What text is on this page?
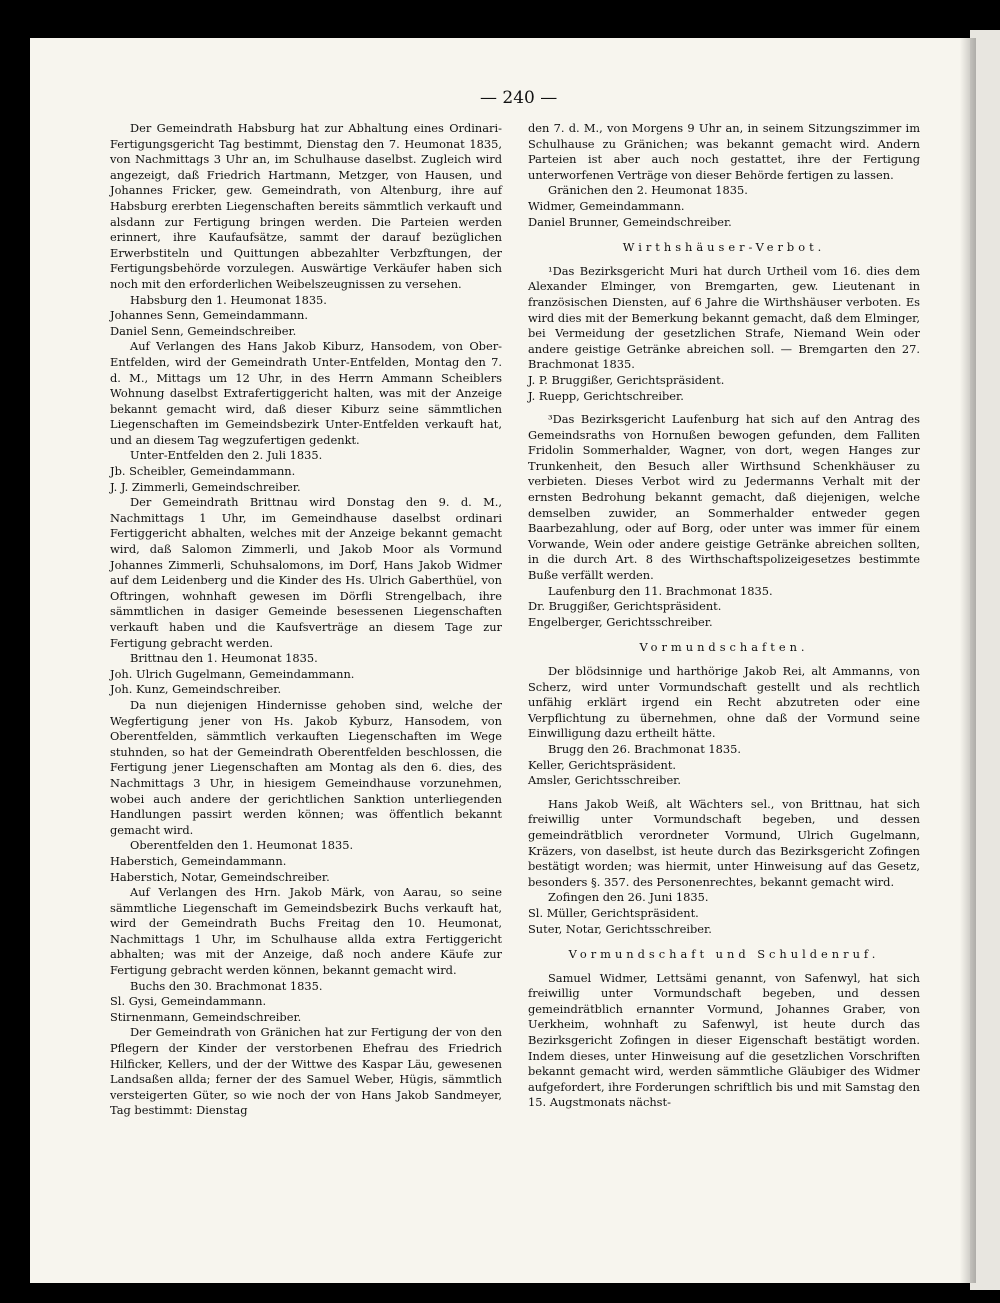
— 240 —

Der Gemeindrath Habsburg hat zur Abhaltung eines Ordinari-Fertigungsgericht Tag bestimmt, Dienstag den 7. Heumonat 1835, von Nachmittags 3 Uhr an, im Schulhause daselbst. Zugleich wird angezeigt, daß Friedrich Hartmann, Metzger, von Hausen, und Johannes Fricker, gew. Gemeindrath, von Altenburg, ihre auf Habsburg ererbten Liegenschaften bereits sämmtlich verkauft und alsdann zur Fertigung bringen werden. Die Parteien werden erinnert, ihre Kaufaufsätze, sammt der darauf bezüglichen Erwerbstiteln und Quittungen abbezahlter Verbzftungen, der Fertigungsbehörde vorzulegen. Auswärtige Verkäufer haben sich noch mit den erforderlichen Weibelszeugnissen zu versehen.

Habsburg den 1. Heumonat 1835.

Johannes Senn, Gemeindammann.

Daniel Senn, Gemeindschreiber.

Auf Verlangen des Hans Jakob Kiburz, Hansodem, von Ober-Entfelden, wird der Gemeindrath Unter-Entfelden, Montag den 7. d. M., Mittags um 12 Uhr, in des Herrn Ammann Scheiblers Wohnung daselbst Extrafertiggericht halten, was mit der Anzeige bekannt gemacht wird, daß dieser Kiburz seine sämmtlichen Liegenschaften im Gemeindsbezirk Unter-Entfelden verkauft hat, und an diesem Tag wegzufertigen gedenkt.

Unter-Entfelden den 2. Juli 1835.

Jb. Scheibler, Gemeindammann.

J. J. Zimmerli, Gemeindschreiber.

Der Gemeindrath Brittnau wird Donstag den 9. d. M., Nachmittags 1 Uhr, im Gemeindhause daselbst ordinari Fertiggericht abhalten, welches mit der Anzeige bekannt gemacht wird, daß Salomon Zimmerli, und Jakob Moor als Vormund Johannes Zimmerli, Schuhsalomons, im Dorf, Hans Jakob Widmer auf dem Leidenberg und die Kinder des Hs. Ulrich Gaberthüel, von Oftringen, wohnhaft gewesen im Dörfli Strengelbach, ihre sämmtlichen in dasiger Gemeinde besessenen Liegenschaften verkauft haben und die Kaufsverträge an diesem Tage zur Fertigung gebracht werden.

Brittnau den 1. Heumonat 1835.

Joh. Ulrich Gugelmann, Gemeindammann.

Joh. Kunz, Gemeindschreiber.

Da nun diejenigen Hindernisse gehoben sind, welche der Wegfertigung jener von Hs. Jakob Kyburz, Hansodem, von Oberentfelden, sämmtlich verkauften Liegenschaften im Wege stuhnden, so hat der Gemeindrath Oberentfelden beschlossen, die Fertigung jener Liegenschaften am Montag als den 6. dies, des Nachmittags 3 Uhr, in hiesigem Gemeindhause vorzunehmen, wobei auch andere der gerichtlichen Sanktion unterliegenden Handlungen passirt werden können; was öffentlich bekannt gemacht wird.

Oberentfelden den 1. Heumonat 1835.

Haberstich, Gemeindammann.

Haberstich, Notar, Gemeindschreiber.

Auf Verlangen des Hrn. Jakob Märk, von Aarau, so seine sämmtliche Liegenschaft im Gemeindsbezirk Buchs verkauft hat, wird der Gemeindrath Buchs Freitag den 10. Heumonat, Nachmittags 1 Uhr, im Schulhause allda extra Fertiggericht abhalten; was mit der Anzeige, daß noch andere Käufe zur Fertigung gebracht werden können, bekannt gemacht wird.

Buchs den 30. Brachmonat 1835.

Sl. Gysi, Gemeindammann.

Stirnenmann, Gemeindschreiber.

Der Gemeindrath von Gränichen hat zur Fertigung der von den Pflegern der Kinder der verstorbenen Ehefrau des Friedrich Hilficker, Kellers, und der der Wittwe des Kaspar Läu, gewesenen Landsaßen allda; ferner der des Samuel Weber, Hügis, sämmtlich versteigerten Güter, so wie noch der von Hans Jakob Sandmeyer, Tag bestimmt: Dienstag

den 7. d. M., von Morgens 9 Uhr an, in seinem Sitzungszimmer im Schulhause zu Gränichen; was bekannt gemacht wird. Andern Parteien ist aber auch noch gestattet, ihre der Fertigung unterworfenen Verträge von dieser Behörde fertigen zu lassen.

Gränichen den 2. Heumonat 1835.

Widmer, Gemeindammann.

Daniel Brunner, Gemeindschreiber.

Wirthshäuser-Verbot.

¹Das Bezirksgericht Muri hat durch Urtheil vom 16. dies dem Alexander Elminger, von Bremgarten, gew. Lieutenant in französischen Diensten, auf 6 Jahre die Wirthshäuser verboten. Es wird dies mit der Bemerkung bekannt gemacht, daß dem Elminger, bei Vermeidung der gesetzlichen Strafe, Niemand Wein oder andere geistige Getränke abreichen soll. — Bremgarten den 27. Brachmonat 1835.

J. P. Bruggißer, Gerichtspräsident.

J. Ruepp, Gerichtschreiber.

³Das Bezirksgericht Laufenburg hat sich auf den Antrag des Gemeindsraths von Hornußen bewogen gefunden, dem Falliten Fridolin Sommerhalder, Wagner, von dort, wegen Hanges zur Trunkenheit, den Besuch aller Wirthsund Schenkhäuser zu verbieten. Dieses Verbot wird zu Jedermanns Verhalt mit der ernsten Bedrohung bekannt gemacht, daß diejenigen, welche demselben zuwider, an Sommerhalder entweder gegen Baarbezahlung, oder auf Borg, oder unter was immer für einem Vorwande, Wein oder andere geistige Getränke abreichen sollten, in die durch Art. 8 des Wirthschaftspolizeigesetzes bestimmte Buße verfällt werden.

Laufenburg den 11. Brachmonat 1835.

Dr. Bruggißer, Gerichtspräsident.

Engelberger, Gerichtsschreiber.

Vormundschaften.

Der blödsinnige und harthörige Jakob Rei, alt Ammanns, von Scherz, wird unter Vormundschaft gestellt und als rechtlich unfähig erklärt irgend ein Recht abzutreten oder eine Verpflichtung zu übernehmen, ohne daß der Vormund seine Einwilligung dazu ertheilt hätte.

Brugg den 26. Brachmonat 1835.

Keller, Gerichtspräsident.

Amsler, Gerichtsschreiber.

Hans Jakob Weiß, alt Wächters sel., von Brittnau, hat sich freiwillig unter Vormundschaft begeben, und dessen gemeindrätblich verordneter Vormund, Ulrich Gugelmann, Kräzers, von daselbst, ist heute durch das Bezirksgericht Zofingen bestätigt worden; was hiermit, unter Hinweisung auf das Gesetz, besonders §. 357. des Personenrechtes, bekannt gemacht wird.

Zofingen den 26. Juni 1835.

Sl. Müller, Gerichtspräsident.

Suter, Notar, Gerichtsschreiber.

Vormundschaft und Schuldenruf.

Samuel Widmer, Lettsämi genannt, von Safenwyl, hat sich freiwillig unter Vormundschaft begeben, und dessen gemeindrätblich ernannter Vormund, Johannes Graber, von Uerkheim, wohnhaft zu Safenwyl, ist heute durch das Bezirksgericht Zofingen in dieser Eigenschaft bestätigt worden. Indem dieses, unter Hinweisung auf die gesetzlichen Vorschriften bekannt gemacht wird, werden sämmtliche Gläubiger des Widmer aufgefordert, ihre Forderungen schriftlich bis und mit Samstag den 15. Augstmonats nächst-
